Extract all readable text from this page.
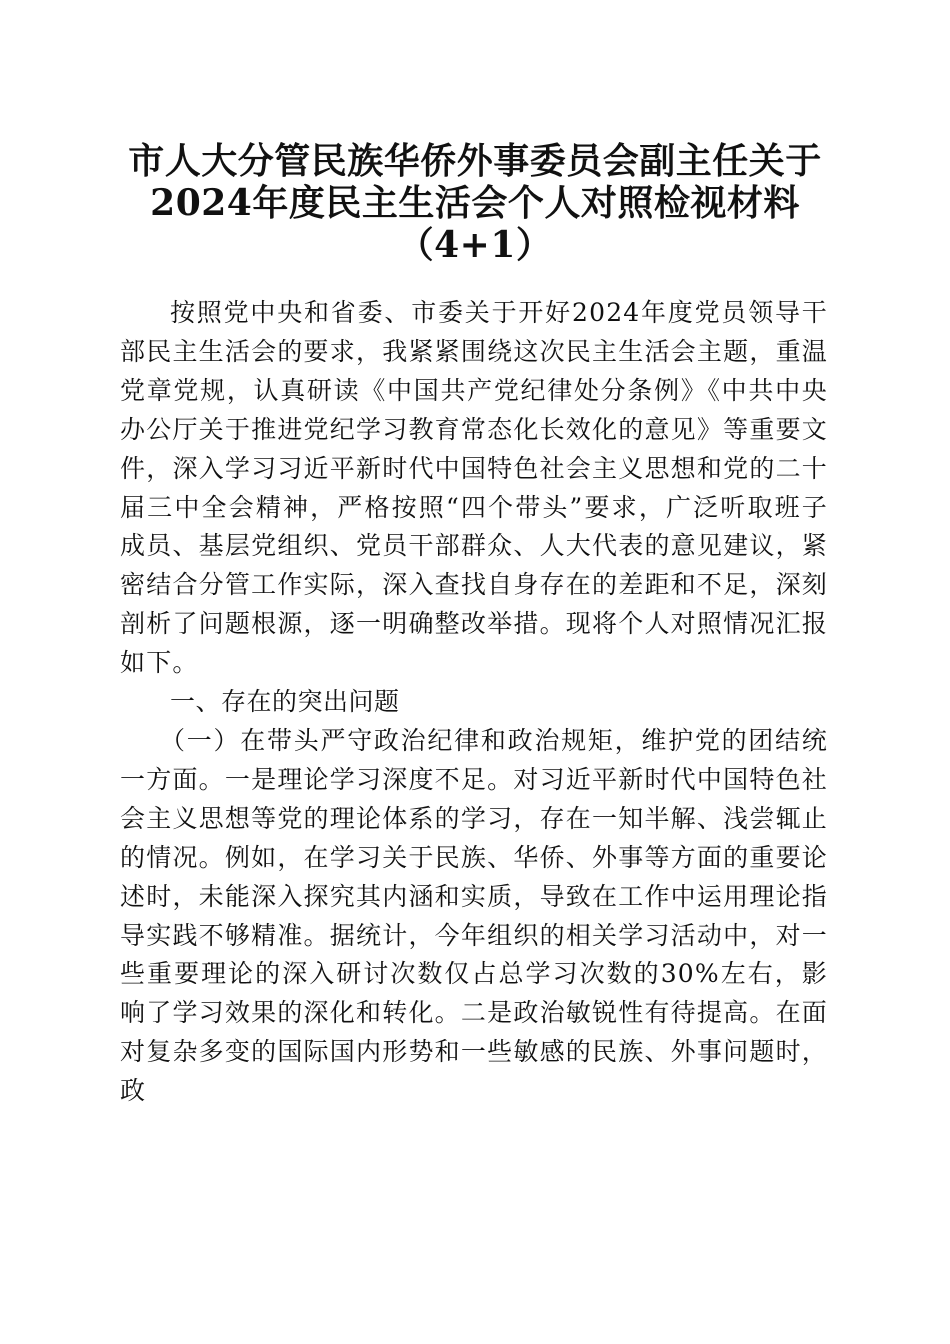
市人大分管民族华侨外事委员会副主任关于
2024年度民主生活会个人对照检视材料
（4+1）

按照党中央和省委、市委关于开好2024年度党员领导干部民主生活会的要求，我紧紧围绕这次民主生活会主题，重温党章党规，认真研读《中国共产党纪律处分条例》《中共中央办公厅关于推进党纪学习教育常态化长效化的意见》等重要文件，深入学习习近平新时代中国特色社会主义思想和党的二十届三中全会精神，严格按照“四个带头”要求，广泛听取班子成员、基层党组织、党员干部群众、人大代表的意见建议，紧密结合分管工作实际，深入查找自身存在的差距和不足，深刻剖析了问题根源，逐一明确整改举措。现将个人对照情况汇报如下。

一、存在的突出问题

（一）在带头严守政治纪律和政治规矩，维护党的团结统一方面。一是理论学习深度不足。对习近平新时代中国特色社会主义思想等党的理论体系的学习，存在一知半解、浅尝辄止的情况。例如，在学习关于民族、华侨、外事等方面的重要论述时，未能深入探究其内涵和实质，导致在工作中运用理论指导实践不够精准。据统计，今年组织的相关学习活动中，对一些重要理论的深入研讨次数仅占总学习次数的30%左右，影响了学习效果的深化和转化。二是政治敏锐性有待提高。在面对复杂多变的国际国内形势和一些敏感的民族、外事问题时，政
